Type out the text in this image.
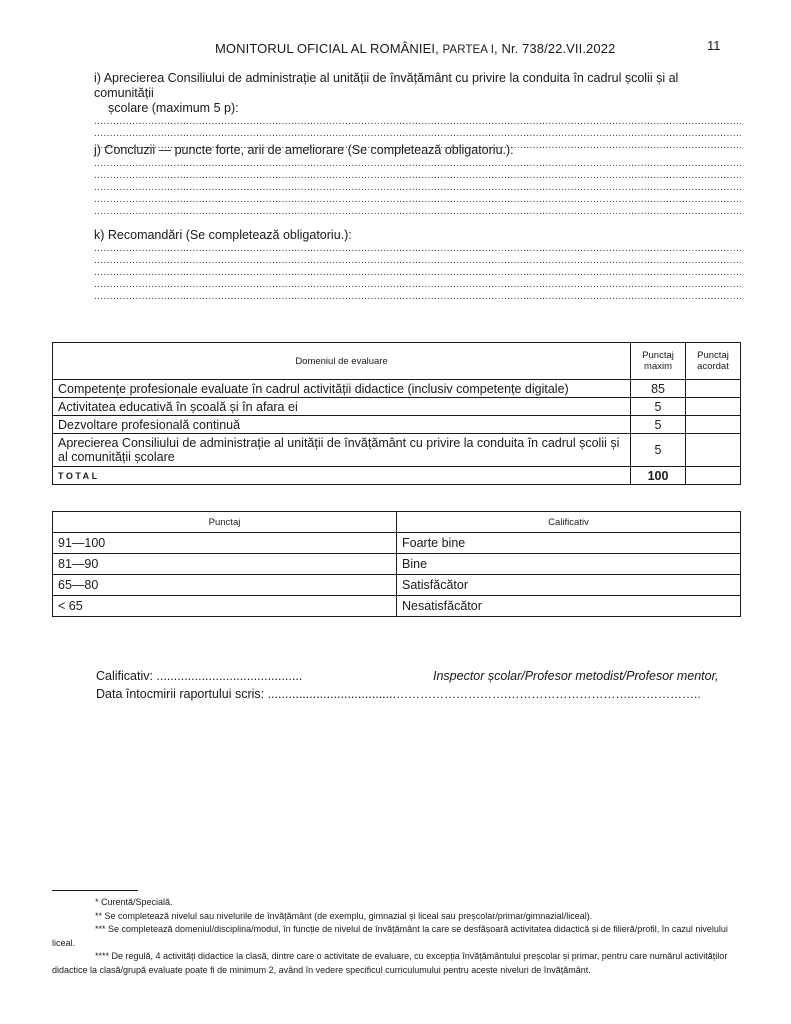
MONITORUL OFICIAL AL ROMÂNIEI, PARTEA I, Nr. 738/22.VII.2022	11
i) Aprecierea Consiliului de administrație al unității de învățământ cu privire la conduita în cadrul școlii și al comunității
școlare (maximum 5 p):
.....
.....
.....
j) Concluzii — puncte forte, arii de ameliorare (Se completează obligatoriu.):
.....
.....
.....
.....
.....
k) Recomandări (Se completează obligatoriu.):
.....
.....
.....
.....
.....
Domeniul de evaluare	Punctaj maxim	Punctaj acordat
Competențe profesionale evaluate în cadrul activității didactice (inclusiv competențe digitale)	85	
Activitatea educativă în școală și în afara ei	5	
Dezvoltare profesională continuă	5	
Aprecierea Consiliului de administrație al unității de învățământ cu privire la conduita în cadrul școlii și al comunității școlare	5	
TOTAL	100	
Punctaj	Calificativ
91—100	Foarte bine
81—90	Bine
65—80	Satisfăcător
< 65	Nesatisfăcător
Calificativ: ..........................................
Data întocmirii raportului scris: .....................................
Inspector școlar/Profesor metodist/Profesor mentor,
……………………….…………………………..……………..

* Curentă/Specială.

** Se completează nivelul sau nivelurile de învățământ (de exemplu, gimnazial și liceal sau preșcolar/primar/gimnazial/liceal).

*** Se completează domeniul/disciplina/modul, în funcție de nivelul de învățământ la care se desfășoară activitatea didactică și de filieră/profil, în cazul nivelului liceal.

**** De regulă, 4 activități didactice la clasă, dintre care o activitate de evaluare, cu excepția învățământului preșcolar și primar, pentru care numărul activităților didactice la clasă/grupă evaluate poate fi de minimum 2, având în vedere specificul curriculumului pentru aceste niveluri de învățământ.
